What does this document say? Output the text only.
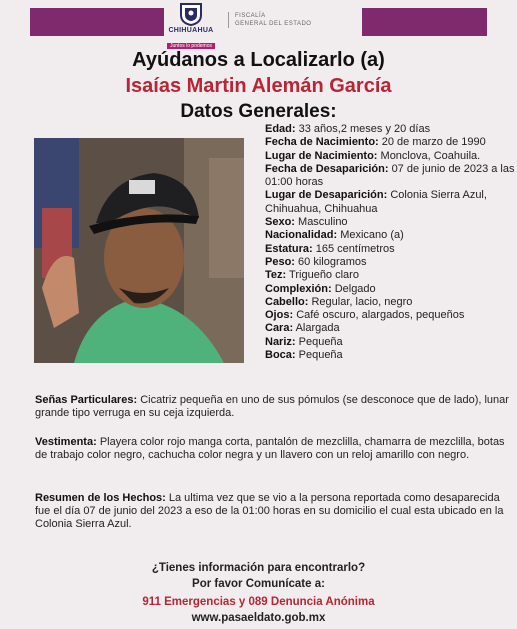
CHIHUAHUA
Juntos lo podemos
FISCALÍA
GENERAL DEL ESTADO
Ayúdanos a Localizarlo (a)
Isaías Martin Alemán García
Datos Generales:
Edad: 33 años,2 meses y 20 días
Fecha de Nacimiento: 20 de marzo de 1990
Lugar de Nacimiento: Monclova, Coahuila.
Fecha de Desaparición: 07 de junio de 2023 a las 01:00 horas
Lugar de Desaparición: Colonia Sierra Azul, Chihuahua, Chihuahua
Sexo: Masculino
Nacionalidad: Mexicano (a)
Estatura: 165 centímetros
Peso: 60 kilogramos
Tez: Trigueño claro
Complexión: Delgado
Cabello: Regular, lacio, negro
Ojos: Café oscuro, alargados, pequeños
Cara: Alargada
Nariz: Pequeña
Boca: Pequeña
Señas Particulares: Cicatriz pequeña en uno de sus pómulos (se desconoce que de lado), lunar grande tipo verruga en su ceja izquierda.
Vestimenta: Playera color rojo manga corta, pantalón de mezclilla, chamarra de mezclilla, botas de trabajo color negro, cachucha color negra y un llavero con un reloj amarillo con negro.
Resumen de los Hechos: La ultima vez que se vio a la persona reportada como desaparecida fue el día 07 de junio del 2023 a eso de la 01:00 horas en su domicilio el cual esta ubicado en la Colonia Sierra Azul.
¿Tienes información para encontrarlo?
Por favor Comunícate a:
911 Emergencias y 089 Denuncia Anónima
www.pasaeldato.gob.mx
